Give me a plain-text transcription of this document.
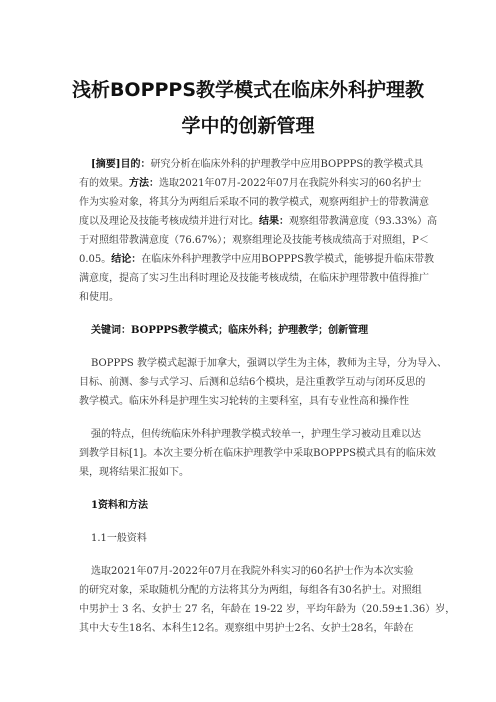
浅析BOPPPS教学模式在临床外科护理教
学中的创新管理
[摘要]目的：研究分析在临床外科的护理教学中应用BOPPPS的教学模式具
有的效果。方法：选取2021年07月-2022年07月在我院外科实习的60名护士
作为实验对象，将其分为两组后采取不同的教学模式，观察两组护士的带教满意
度以及理论及技能考核成绩并进行对比。结果：观察组带教满意度（93.33%）高
于对照组带教满意度（76.67%）；观察组理论及技能考核成绩高于对照组，P＜
0.05。结论：在临床外科护理教学中应用BOPPPS教学模式，能够提升临床带教
满意度，提高了实习生出科时理论及技能考核成绩，在临床护理带教中值得推广
和使用。
关键词：BOPPPS教学模式；临床外科；护理教学；创新管理
BOPPPS 教学模式起源于加拿大，强调以学生为主体，教师为主导，分为导入、
目标、前测、参与式学习、后测和总结6个模块，是注重教学互动与闭环反思的
教学模式。临床外科是护理生实习轮转的主要科室，具有专业性高和操作性
强的特点，但传统临床外科护理教学模式较单一，护理生学习被动且难以达
到教学目标[1]。本次主要分析在临床护理教学中采取BOPPPS模式具有的临床效
果，现将结果汇报如下。
1资料和方法
1.1一般资料
选取2021年07月-2022年07月在我院外科实习的60名护士作为本次实验
的研究对象，采取随机分配的方法将其分为两组，每组各有30名护士。对照组
中男护士 3 名、女护士 27 名，年龄在 19-22 岁，平均年龄为（20.59±1.36）岁，
其中大专生18名、本科生12名。观察组中男护士2名、女护士28名，年龄在
